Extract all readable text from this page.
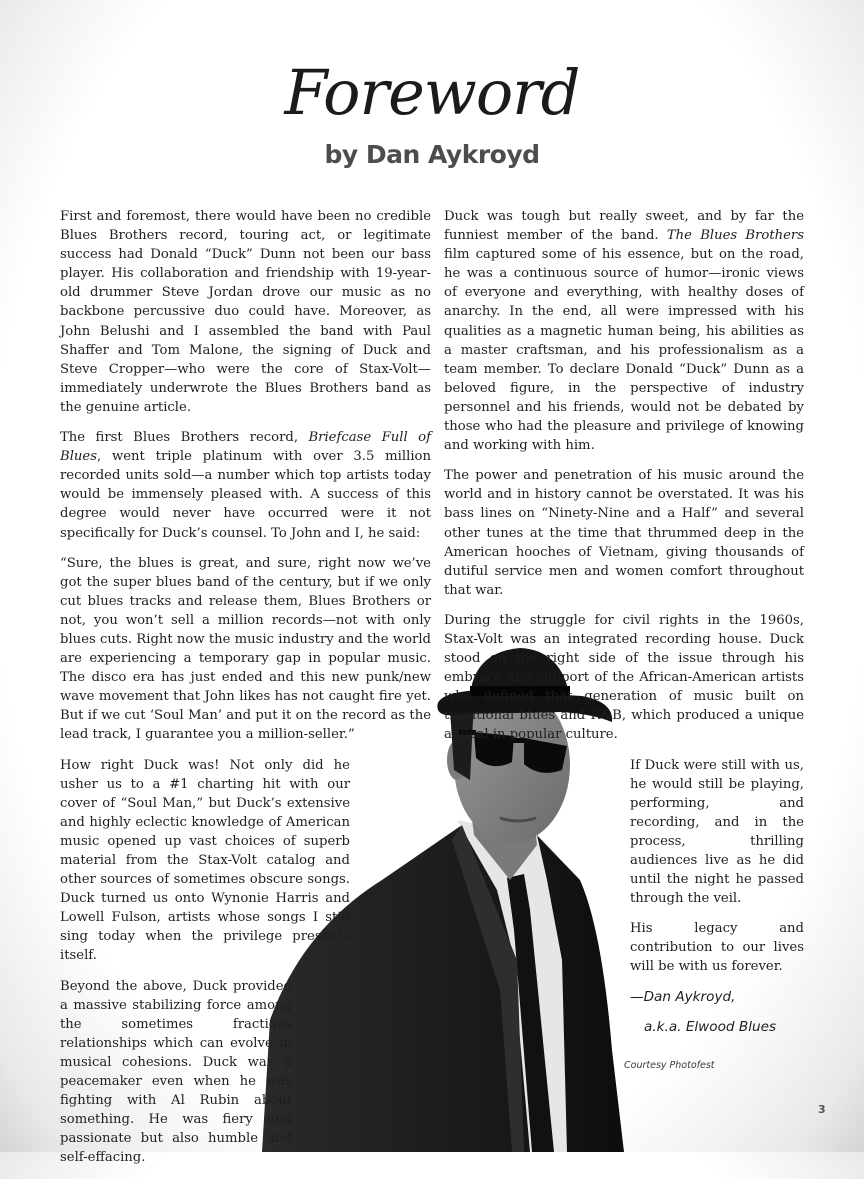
Foreword
by Dan Aykroyd

First and foremost, there would have been no credible Blues Brothers record, touring act, or legitimate success had Donald “Duck” Dunn not been our bass player. His collaboration and friendship with 19-year-old drummer Steve Jordan drove our music as no backbone percussive duo could have. Moreover, as John Belushi and I assembled the band with Paul Shaffer and Tom Malone, the signing of Duck and Steve Cropper—who were the core of Stax-Volt—immediately underwrote the Blues Brothers band as the genuine article.

The first Blues Brothers record, Briefcase Full of Blues, went triple platinum with over 3.5 million recorded units sold—a number which top artists today would be immensely pleased with. A success of this degree would never have occurred were it not specifically for Duck’s counsel. To John and I, he said:

“Sure, the blues is great, and sure, right now we’ve got the super blues band of the century, but if we only cut blues tracks and release them, Blues Brothers or not, you won’t sell a million records—not with only blues cuts. Right now the music industry and the world are experiencing a temporary gap in popular music. The disco era has just ended and this new punk/new wave movement that John likes has not caught fire yet. But if we cut ‘Soul Man’ and put it on the record as the lead track, I guarantee you a million-seller.”

How right Duck was! Not only did he usher us to a #1 charting hit with our cover of “Soul Man,” but Duck’s extensive and highly eclectic knowledge of American music opened up vast choices of superb material from the Stax-Volt catalog and other sources of sometimes obscure songs. Duck turned us onto Wynonie Harris and Lowell Fulson, artists whose songs I still sing today when the privilege presents itself.

Beyond the above, Duck provided a massive stabilizing force among the sometimes fractious relationships which can evolve in musical cohesions. Duck was a peacemaker even when he was fighting with Al Rubin about something. He was fiery and passionate but also humble and self-effacing.

Duck was tough but really sweet, and by far the funniest member of the band. The Blues Brothers film captured some of his essence, but on the road, he was a continuous source of humor—ironic views of everyone and everything, with healthy doses of anarchy. In the end, all were impressed with his qualities as a magnetic human being, his abilities as a master craftsman, and his professionalism as a team member. To declare Donald “Duck” Dunn as a beloved figure, in the perspective of industry personnel and his friends, would not be debated by those who had the pleasure and privilege of knowing and working with him.

The power and penetration of his music around the world and in history cannot be overstated. It was his bass lines on “Ninety-Nine and a Half” and several other tunes at the time that thrummed deep in the American hooches of Vietnam, giving thousands of dutiful service men and women comfort throughout that war.

During the struggle for civil rights in the 1960s, Stax-Volt was an integrated recording house. Duck stood on the right side of the issue through his embrace and support of the African-American artists who defined that generation of music built on traditional blues and R&B, which produced a unique appeal in popular culture.

If Duck were still with us, he would still be playing, performing, and recording, and in the process, thrilling audiences live as he did until the night he passed through the veil.

His legacy and contribution to our lives will be with us forever.

—Dan Aykroyd,

a.k.a. Elwood Blues

Courtesy Photofest
3
